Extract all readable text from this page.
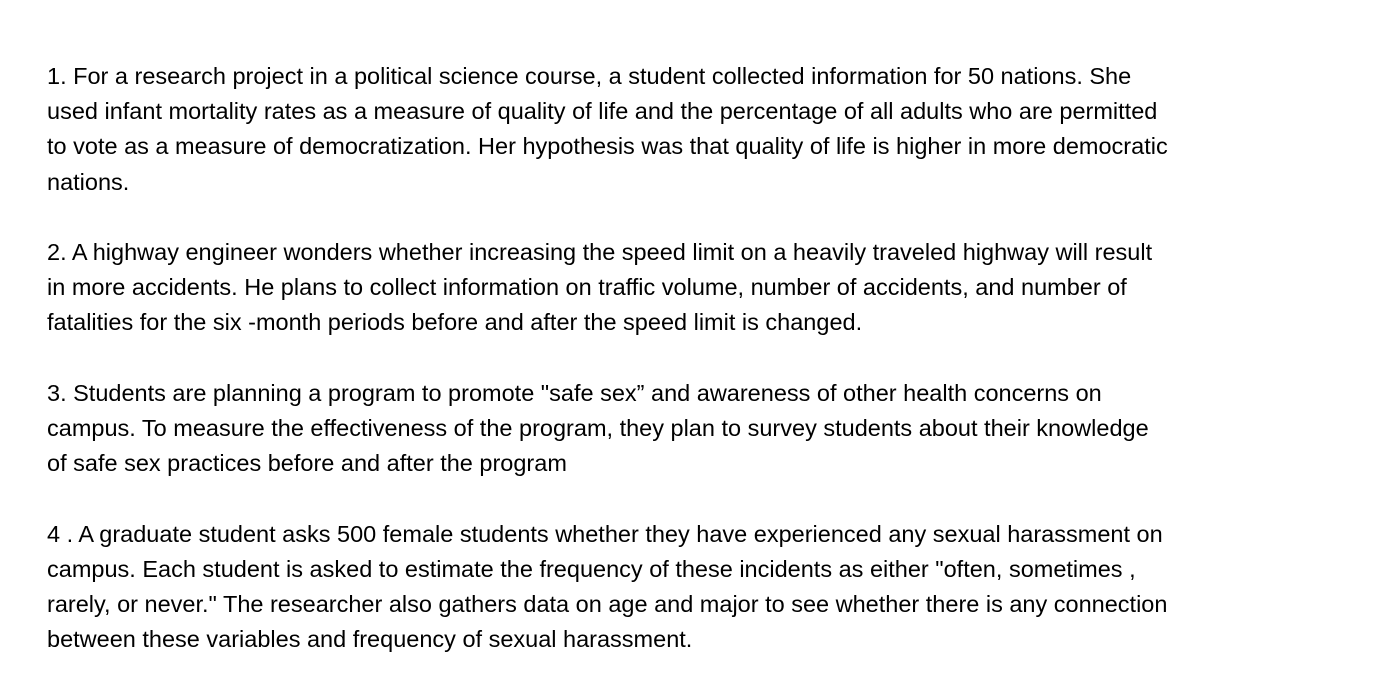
1. For a research project in a political science course, a student collected information for 50 nations. She
used infant mortality rates as a measure of quality of life and the percentage of all adults who are permitted
to vote as a measure of democratization. Her hypothesis was that quality of life is higher in more democratic
nations.

2. A highway engineer wonders whether increasing the speed limit on a heavily traveled highway will result
in more accidents. He plans to collect information on traffic volume, number of accidents, and number of
fatalities for the six -month periods before and after the speed limit is changed.

3. Students are planning a program to promote "safe sex” and awareness of other health concerns on
campus. To measure the effectiveness of the program, they plan to survey students about their knowledge
of safe sex practices before and after the program

4 . A graduate student asks 500 female students whether they have experienced any sexual harassment on
campus. Each student is asked to estimate the frequency of these incidents as either "often, sometimes ,
rarely, or never." The researcher also gathers data on age and major to see whether there is any connection
between these variables and frequency of sexual harassment.
